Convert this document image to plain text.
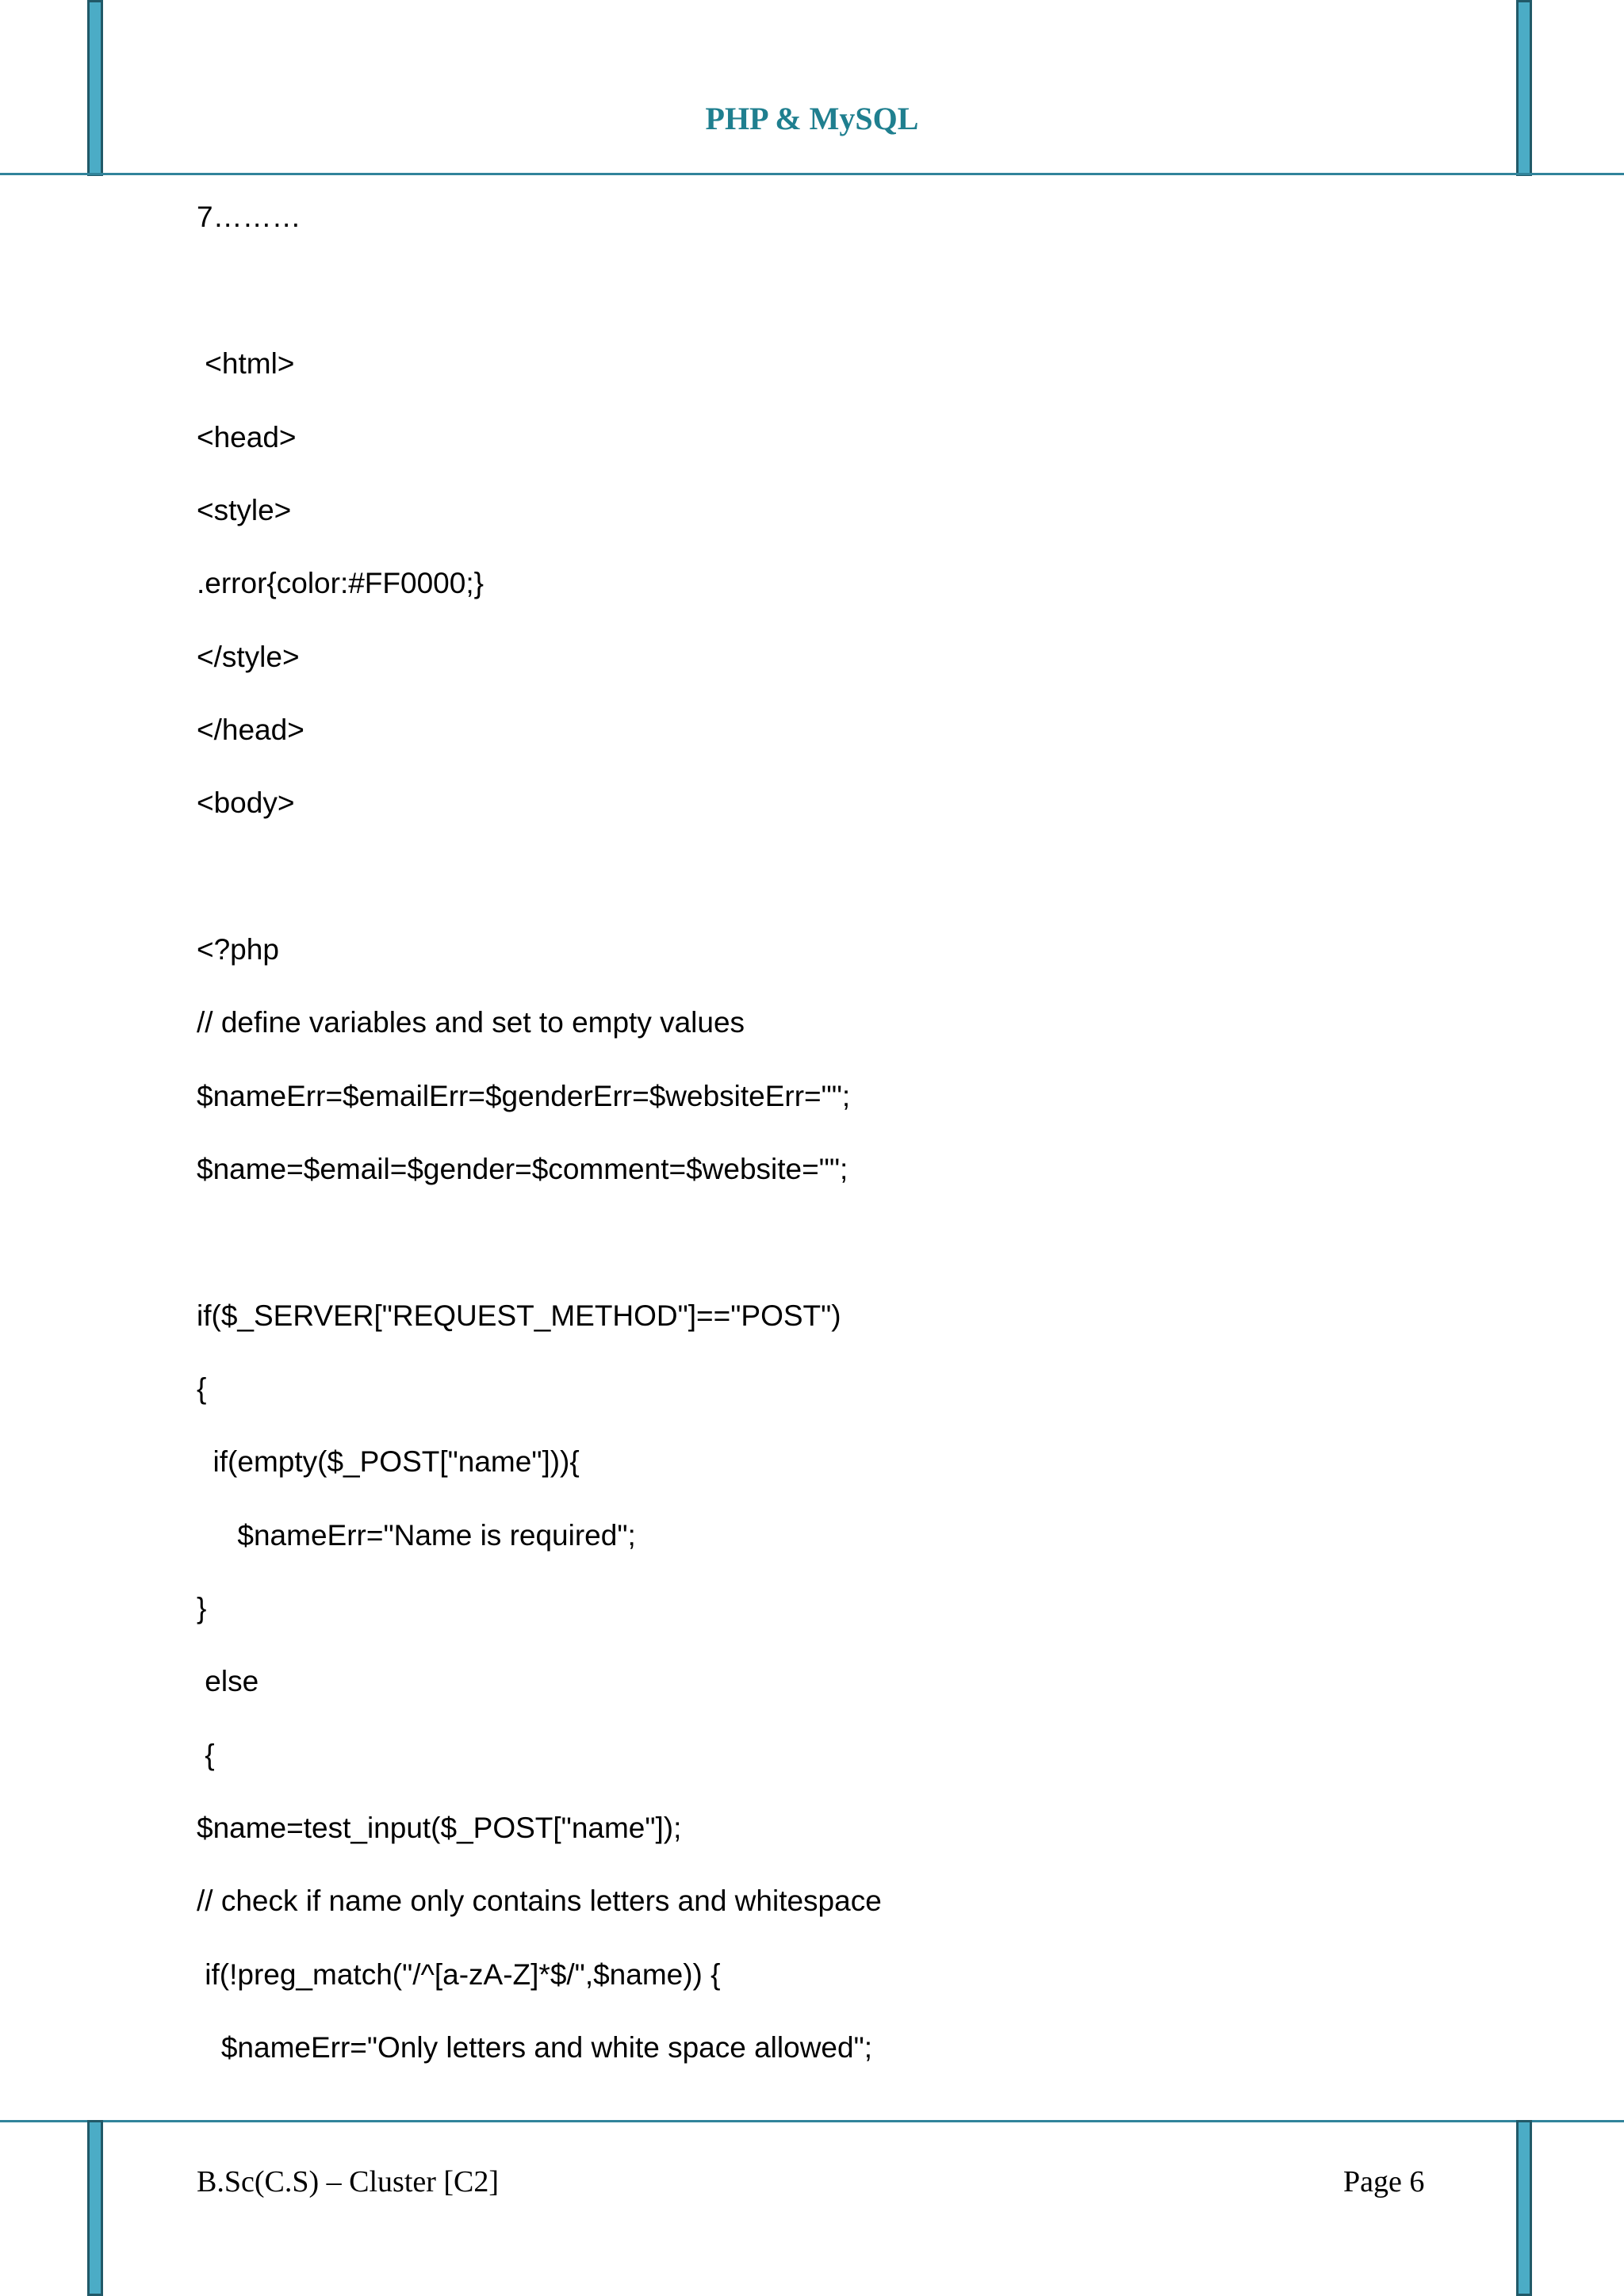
PHP & MySQL
7………
<html>
<head>
<style>
.error{color:#FF0000;}
</style>
</head>
<body>
<?php
// define variables and set to empty values
$nameErr=$emailErr=$genderErr=$websiteErr="";
$name=$email=$gender=$comment=$website="";
if($_SERVER["REQUEST_METHOD"]=="POST")
{
if(empty($_POST["name"])){
$nameErr="Name is required";
}
else
{
$name=test_input($_POST["name"]);
// check if name only contains letters and whitespace
if(!preg_match("/^[a-zA-Z]*$/",$name)) {
$nameErr="Only letters and white space allowed";
B.Sc(C.S) – Cluster [C2]	Page 6
